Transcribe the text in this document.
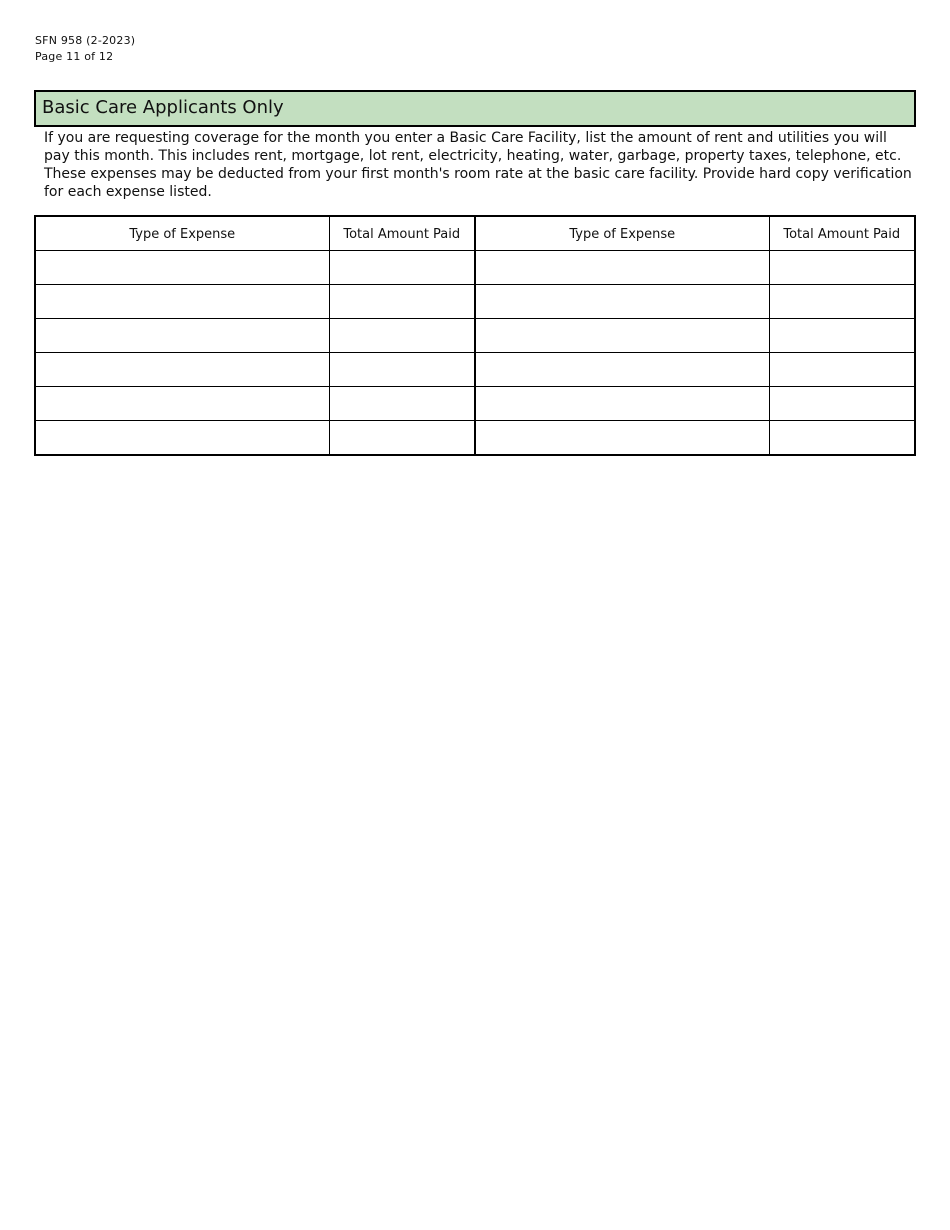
SFN 958 (2-2023)
Page 11 of 12
Basic Care Applicants Only
If you are requesting coverage for the month you enter a Basic Care Facility, list the amount of rent and utilities you will pay this month. This includes rent, mortgage, lot rent, electricity, heating, water, garbage, property taxes, telephone, etc. These expenses may be deducted from your first month's room rate at the basic care facility. Provide hard copy verification for each expense listed.
Type of Expense	Total Amount Paid	Type of Expense	Total Amount Paid
